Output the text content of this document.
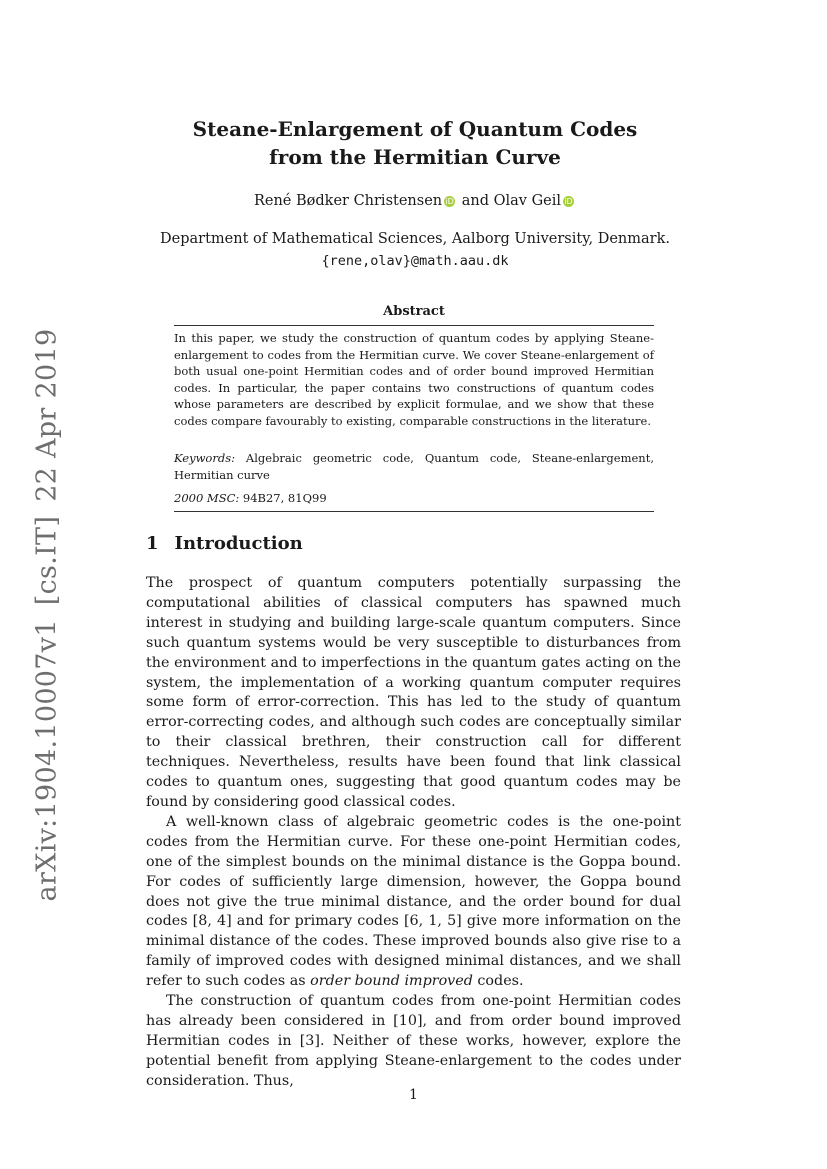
arXiv:1904.10007v1[cs.IT]22 Apr 2019
Steane-Enlargement of Quantum Codes
from the Hermitian Curve
René Bødker Christensen iD and Olav Geil iD
Department of Mathematical Sciences, Aalborg University, Denmark.
{rene,olav}@math.aau.dk
Abstract
In this paper, we study the construction of quantum codes by applying Steane-enlargement to codes from the Hermitian curve. We cover Steane-enlargement of both usual one-point Hermitian codes and of order bound improved Hermitian codes. In particular, the paper contains two constructions of quantum codes whose parameters are described by explicit formulae, and we show that these codes compare favourably to existing, comparable constructions in the literature.
Keywords: Algebraic geometric code, Quantum code, Steane-enlargement, Hermitian curve
2000 MSC: 94B27, 81Q99
1 Introduction

The prospect of quantum computers potentially surpassing the computational abilities of classical computers has spawned much interest in studying and building large-scale quantum computers. Since such quantum systems would be very susceptible to disturbances from the environment and to imperfections in the quantum gates acting on the system, the implementation of a working quantum computer requires some form of error-correction. This has led to the study of quantum error-correcting codes, and although such codes are conceptually similar to their classical brethren, their construction call for different techniques. Nevertheless, results have been found that link classical codes to quantum ones, suggesting that good quantum codes may be found by considering good classical codes.

A well-known class of algebraic geometric codes is the one-point codes from the Hermitian curve. For these one-point Hermitian codes, one of the simplest bounds on the minimal distance is the Goppa bound. For codes of sufficiently large dimension, however, the Goppa bound does not give the true minimal distance, and the order bound for dual codes [8, 4] and for primary codes [6, 1, 5] give more information on the minimal distance of the codes. These improved bounds also give rise to a family of improved codes with designed minimal distances, and we shall refer to such codes as order bound improved codes.

The construction of quantum codes from one-point Hermitian codes has already been considered in [10], and from order bound improved Hermitian codes in [3]. Neither of these works, however, explore the potential benefit from applying Steane-enlargement to the codes under consideration. Thus,

1
